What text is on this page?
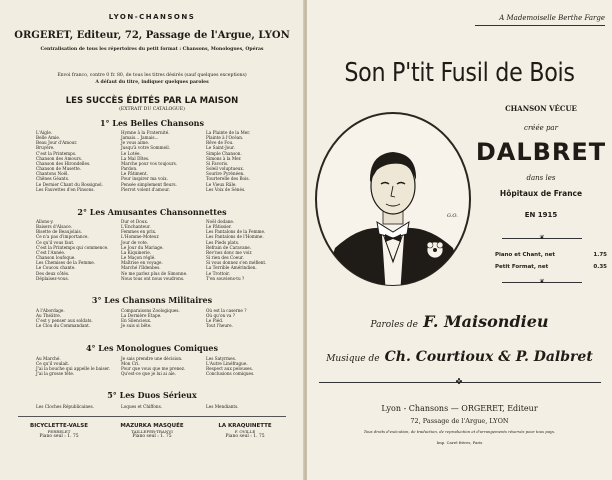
LYON-CHANSONS
ORGERET, Editeur, 72, Passage de l'Argue, LYON
Centralisation de tous les répertoires du petit format : Chansons, Monologues, Opéras
Envoi franco, contre 0 fr. 80, de tous les titres désirés (sauf quelques exceptions)
A défaut du titre, indiquer quelques paroles
LES SUCCÈS ÉDITÉS PAR LA MAISON
(EXTRAIT DU CATALOGUE)
1° Les Belles Chansons
L'Aigle.
Belle Amie.
Beau Jour d'Amour.
Bruyère.
C'est la Printemps.
Chanson des Amours.
Chanson des Hirondelles.
Chanson de Musette.
Chantons Noël.
Chênes Géants.
Le Dernier Chant du Rossignol.
Les Fauvettes d'en Pinsons.
Hymne à la Fraternité.
Jamais... Jamais...
Je vous aime.
Jusqu'à votre Sommeil.
Le Lotée.
La Mal Dîtes.
Marche pour vos toujours.
Pardon.
Le Pâtiment.
Pour inspirer ma voix.
Pensée simplement fleurs.
Pierrot volent d'amour.
La Plainte de la Mer.
Plainte à l'Océan.
Rêve de Fou.
Le Saint-Jour.
Simple Chanson.
Simons à la Mer.
Si Favoris.
Soleil voluptueux.
Sourire Pyrénéen.
Tourterelle des Bois.
Le Vieux Râle.
Les Voix de Sénés.
2° Les Amusantes Chansonnettes
Allons-y.
Baisers d'Alsace.
Bisette de Beaujolais.
Ce n'a pas d'importance.
Ce qu'il vous faut.
C'est la Printemps qui commence.
C'est l'Année.
Chanson loufoque.
Les Chemises de la Femme.
Le Coucou chante.
Des deux côtés.
Déplaisez-vous.
Dur et Doux.
L'Enchanteur.
Femmes en prix.
L'Homme-Moteur.
Jour de vote.
Le Jour du Mariage.
La Kiquinerie.
Le Maçon réglé.
Maîtrise en voyage.
Marché l'Ildenbes.
Ne me parlez plus de Simonne.
Nous tous ont nous voudrons.
Noël dodane.
Le Pâtissier.
Les Pantalons de la Femme.
Les Pantalons de l'Homme.
Les Pieds plats.
Refrain de Caravane.
Rev'nez donc me voir.
Si rien des Coeur.
Si vous donnez s'en méfient.
La Terrible Amérindien.
Le Trottoir.
T'en souviens-tu ?
3° Les Chansons Militaires
A l'Abordage.
Au Théâtre.
C'est y penser aux soldats.
Le Clou du Commandant.
Comparaisons Zoologiques.
La Dernière Étape.
En Silencieux.
Je suis si bête.
Où est la caserne ?
Où qu'on va ?
Le Piéd.
Tout l'heure.
4° Les Monologues Comiques
Au Marché.
Ce qu'il voulait.
J'ai la bouche qui appelle le baiser.
J'ai la grosse tête.
Je sais prendre une décision.
Mon Cri.
Pour que vous que me prenez.
Qu'est-ce que je lui ai aïe.
Les Satyrmes.
L'Autre Linéfrague.
Respect aux pelouses.
Conclusions comiques.
5° Les Duos Sérieux
Les Cloches Républicaines.	Loques et Chiffons.	Les Mendiants.
BICYCLETTE-VALSE
PERRELET
Piano seul : 1. 75
MAZURKA MASQUÉE
TAILLEFER-TRANVI
Piano seul : 1. 75
LA KRAQUINETTE
F. OVILLE
Piano seul : 1. 75
A Mademoiselle Berthe Farge
Son P'tit Fusil de Bois
G.O.
CHANSON VÉCUE
créée par
DALBRET
dans les
Hôpitaux de France
EN 1915
❦
Piano et Chant, net	1.75
Petit Format, net	0.35
❦
Paroles de F. Maisondieu
Musique de Ch. Courtioux & P. Dalbret
✤
Lyon - Chansons — ORGERET, Editeur
72, Passage de l'Argue, LYON
Tous droits d'exécution, de traduction, de reproduction et d'arrangements réservés pour tous pays.
Imp. Carré frères, Paris
